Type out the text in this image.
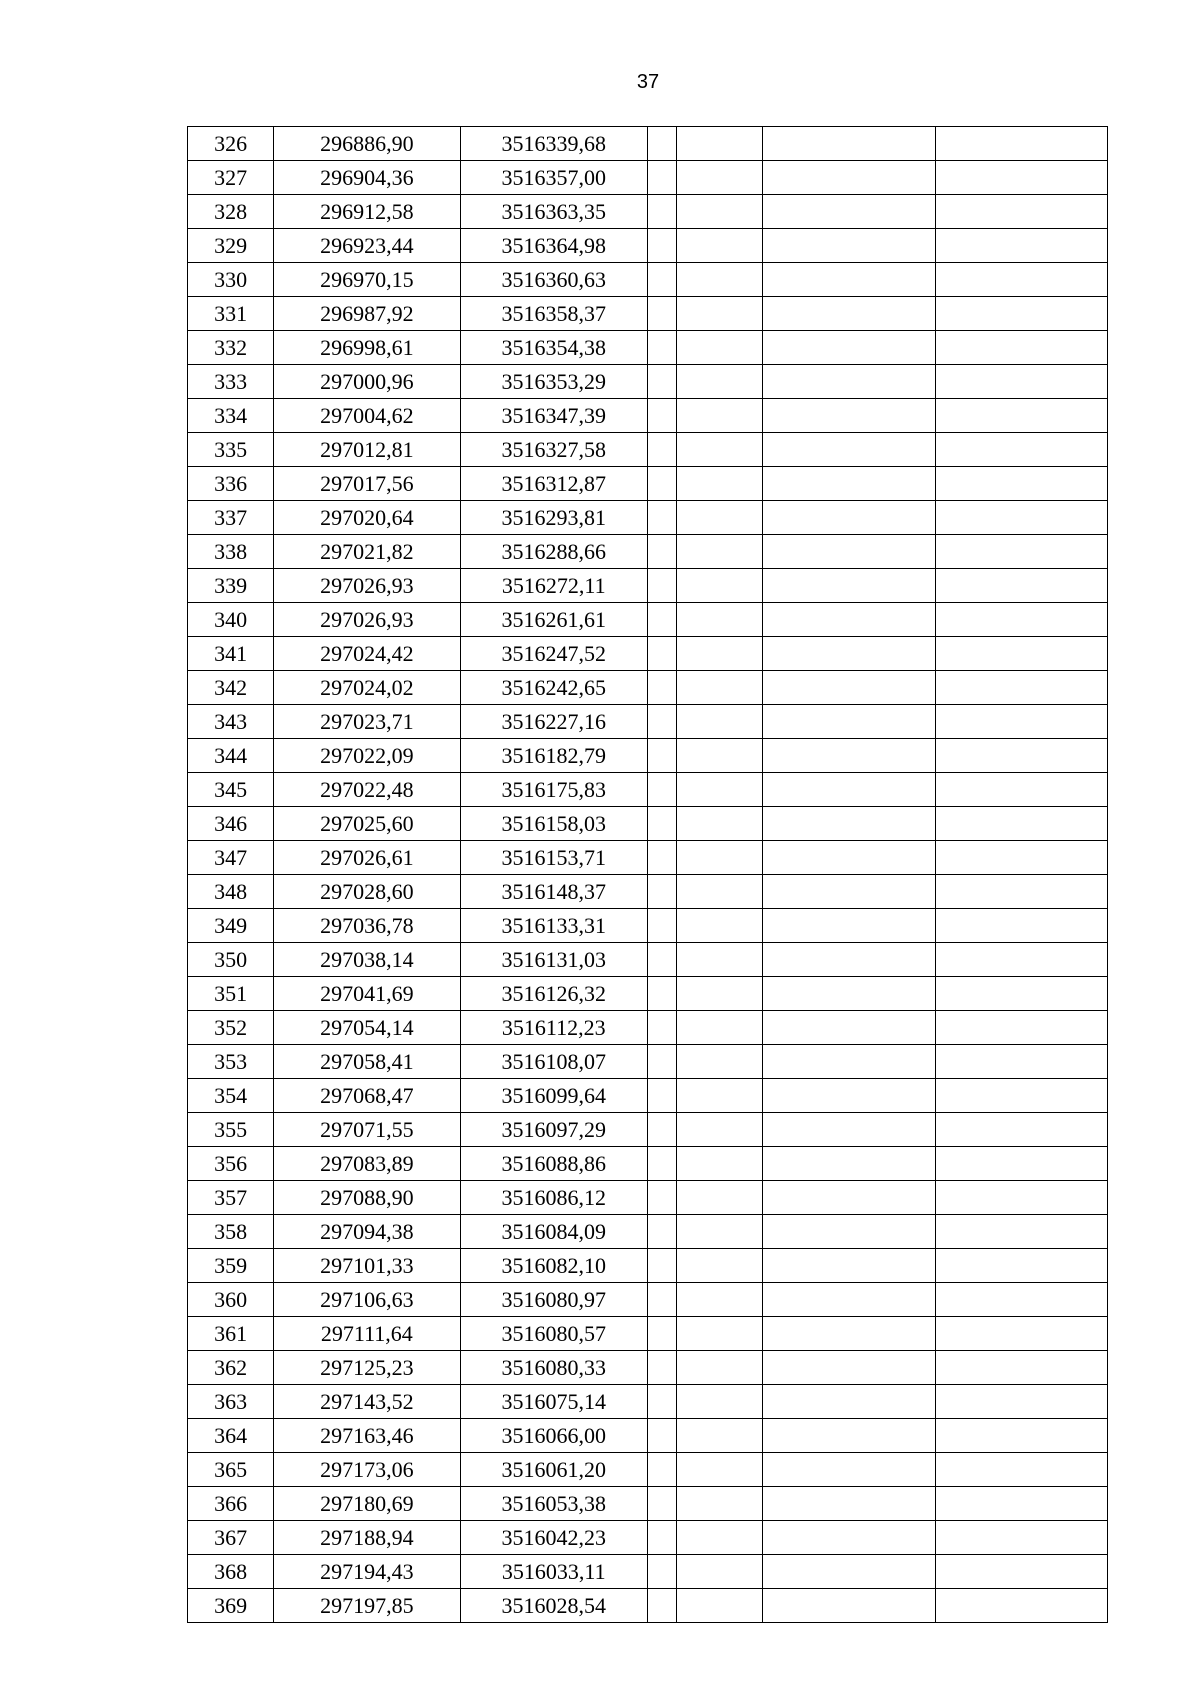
37
326	296886,90	3516339,68				
327	296904,36	3516357,00				
328	296912,58	3516363,35				
329	296923,44	3516364,98				
330	296970,15	3516360,63				
331	296987,92	3516358,37				
332	296998,61	3516354,38				
333	297000,96	3516353,29				
334	297004,62	3516347,39				
335	297012,81	3516327,58				
336	297017,56	3516312,87				
337	297020,64	3516293,81				
338	297021,82	3516288,66				
339	297026,93	3516272,11				
340	297026,93	3516261,61				
341	297024,42	3516247,52				
342	297024,02	3516242,65				
343	297023,71	3516227,16				
344	297022,09	3516182,79				
345	297022,48	3516175,83				
346	297025,60	3516158,03				
347	297026,61	3516153,71				
348	297028,60	3516148,37				
349	297036,78	3516133,31				
350	297038,14	3516131,03				
351	297041,69	3516126,32				
352	297054,14	3516112,23				
353	297058,41	3516108,07				
354	297068,47	3516099,64				
355	297071,55	3516097,29				
356	297083,89	3516088,86				
357	297088,90	3516086,12				
358	297094,38	3516084,09				
359	297101,33	3516082,10				
360	297106,63	3516080,97				
361	297111,64	3516080,57				
362	297125,23	3516080,33				
363	297143,52	3516075,14				
364	297163,46	3516066,00				
365	297173,06	3516061,20				
366	297180,69	3516053,38				
367	297188,94	3516042,23				
368	297194,43	3516033,11				
369	297197,85	3516028,54				
